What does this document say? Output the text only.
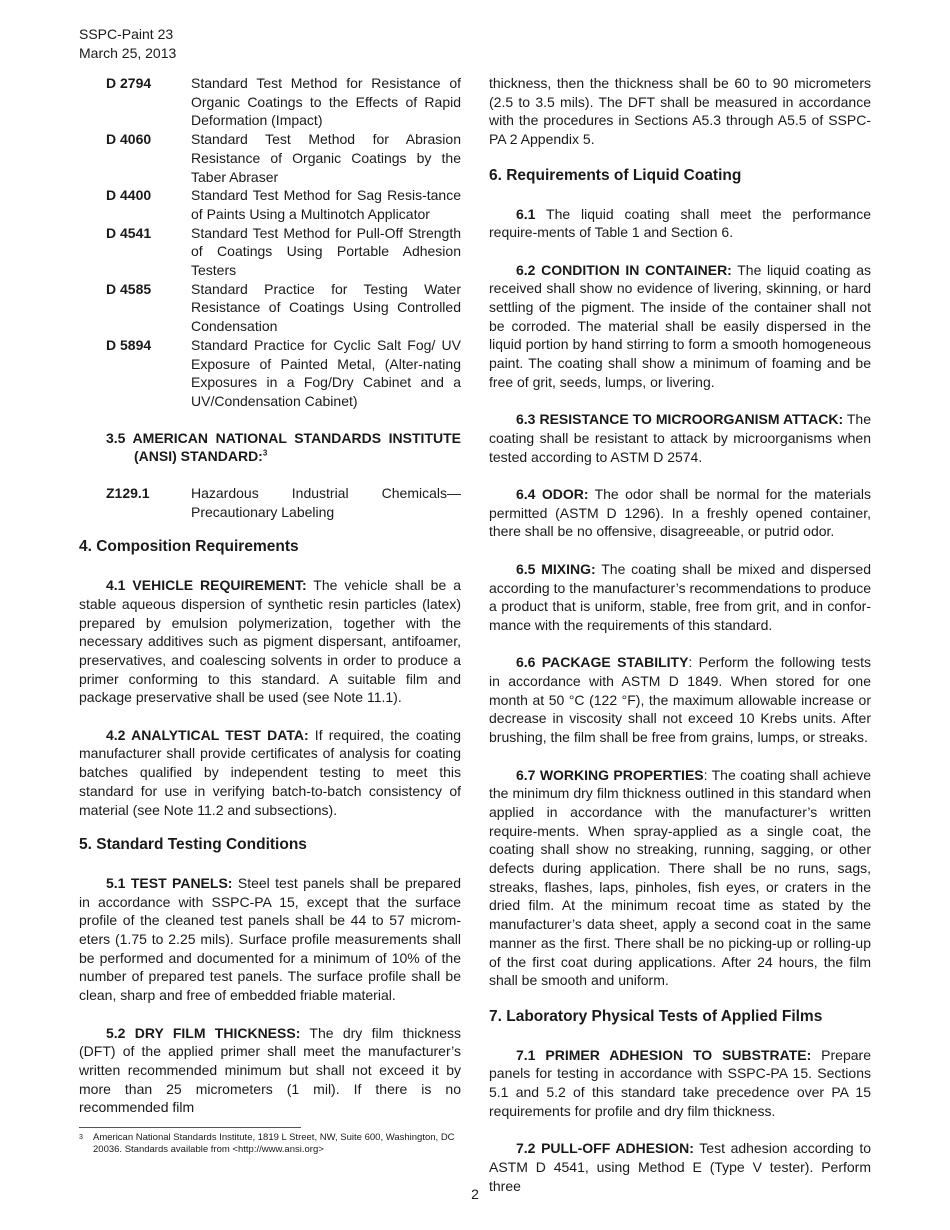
SSPC-Paint 23
March 25, 2013
D 2794	Standard Test Method for Resistance of Organic Coatings to the Effects of Rapid Deformation (Impact)
D 4060	Standard Test Method for Abrasion Resistance of Organic Coatings by the Taber Abraser
D 4400	Standard Test Method for Sag Resis-tance of Paints Using a Multinotch Applicator
D 4541	Standard Test Method for Pull-Off Strength of Coatings Using Portable Adhesion Testers
D 4585	Standard Practice for Testing Water Resistance of Coatings Using Controlled Condensation
D 5894	Standard Practice for Cyclic Salt Fog/ UV Exposure of Painted Metal, (Alter-nating Exposures in a Fog/Dry Cabinet and a UV/Condensation Cabinet)
3.5 AMERICAN NATIONAL STANDARDS INSTITUTE (ANSI) STANDARD:$^3$
Z129.1	Hazardous Industrial Chemicals—Precautionary Labeling
4. Composition Requirements

4.1 VEHICLE REQUIREMENT: The vehicle shall be a stable aqueous dispersion of synthetic resin particles (latex) prepared by emulsion polymerization, together with the necessary additives such as pigment dispersant, antifoamer, preservatives, and coalescing solvents in order to produce a primer conforming to this standard. A suitable film and package preservative shall be used (see Note 11.1).

4.2 ANALYTICAL TEST DATA: If required, the coating manufacturer shall provide certificates of analysis for coating batches qualified by independent testing to meet this standard for use in verifying batch-to-batch consistency of material (see Note 11.2 and subsections).

5. Standard Testing Conditions

5.1 TEST PANELS: Steel test panels shall be prepared in accordance with SSPC-PA 15, except that the surface profile of the cleaned test panels shall be 44 to 57 microm-eters (1.75 to 2.25 mils). Surface profile measurements shall be performed and documented for a minimum of 10% of the number of prepared test panels. The surface profile shall be clean, sharp and free of embedded friable material.

5.2 DRY FILM THICKNESS: The dry film thickness (DFT) of the applied primer shall meet the manufacturer’s written recommended minimum but shall not exceed it by more than 25 micrometers (1 mil). If there is no recommended film

thickness, then the thickness shall be 60 to 90 micrometers (2.5 to 3.5 mils). The DFT shall be measured in accordance with the procedures in Sections A5.3 through A5.5 of SSPC-PA 2 Appendix 5.

6. Requirements of Liquid Coating

6.1 The liquid coating shall meet the performance require-ments of Table 1 and Section 6.

6.2 CONDITION IN CONTAINER: The liquid coating as received shall show no evidence of livering, skinning, or hard settling of the pigment. The inside of the container shall not be corroded. The material shall be easily dispersed in the liquid portion by hand stirring to form a smooth homogeneous paint. The coating shall show a minimum of foaming and be free of grit, seeds, lumps, or livering.

6.3 RESISTANCE TO MICROORGANISM ATTACK: The coating shall be resistant to attack by microorganisms when tested according to ASTM D 2574.

6.4 ODOR: The odor shall be normal for the materials permitted (ASTM D 1296). In a freshly opened container, there shall be no offensive, disagreeable, or putrid odor.

6.5 MIXING: The coating shall be mixed and dispersed according to the manufacturer’s recommendations to produce a product that is uniform, stable, free from grit, and in confor-mance with the requirements of this standard.

6.6 PACKAGE STABILITY: Perform the following tests in accordance with ASTM D 1849. When stored for one month at 50 °C (122 °F), the maximum allowable increase or decrease in viscosity shall not exceed 10 Krebs units. After brushing, the film shall be free from grains, lumps, or streaks.

6.7 WORKING PROPERTIES: The coating shall achieve the minimum dry film thickness outlined in this standard when applied in accordance with the manufacturer’s written require-ments. When spray-applied as a single coat, the coating shall show no streaking, running, sagging, or other defects during application. There shall be no runs, sags, streaks, flashes, laps, pinholes, fish eyes, or craters in the dried film. At the minimum recoat time as stated by the manufacturer’s data sheet, apply a second coat in the same manner as the first. There shall be no picking-up or rolling-up of the first coat during applications. After 24 hours, the film shall be smooth and uniform.

7. Laboratory Physical Tests of Applied Films

7.1 PRIMER ADHESION TO SUBSTRATE: Prepare panels for testing in accordance with SSPC-PA 15. Sections 5.1 and 5.2 of this standard take precedence over PA 15 requirements for profile and dry film thickness.

7.2 PULL-OFF ADHESION: Test adhesion according to ASTM D 4541, using Method E (Type V tester). Perform three

3	American National Standards Institute, 1819 L Street, NW, Suite 600, Washington, DC 20036. Standards available from <http://www.ansi.org>
2
